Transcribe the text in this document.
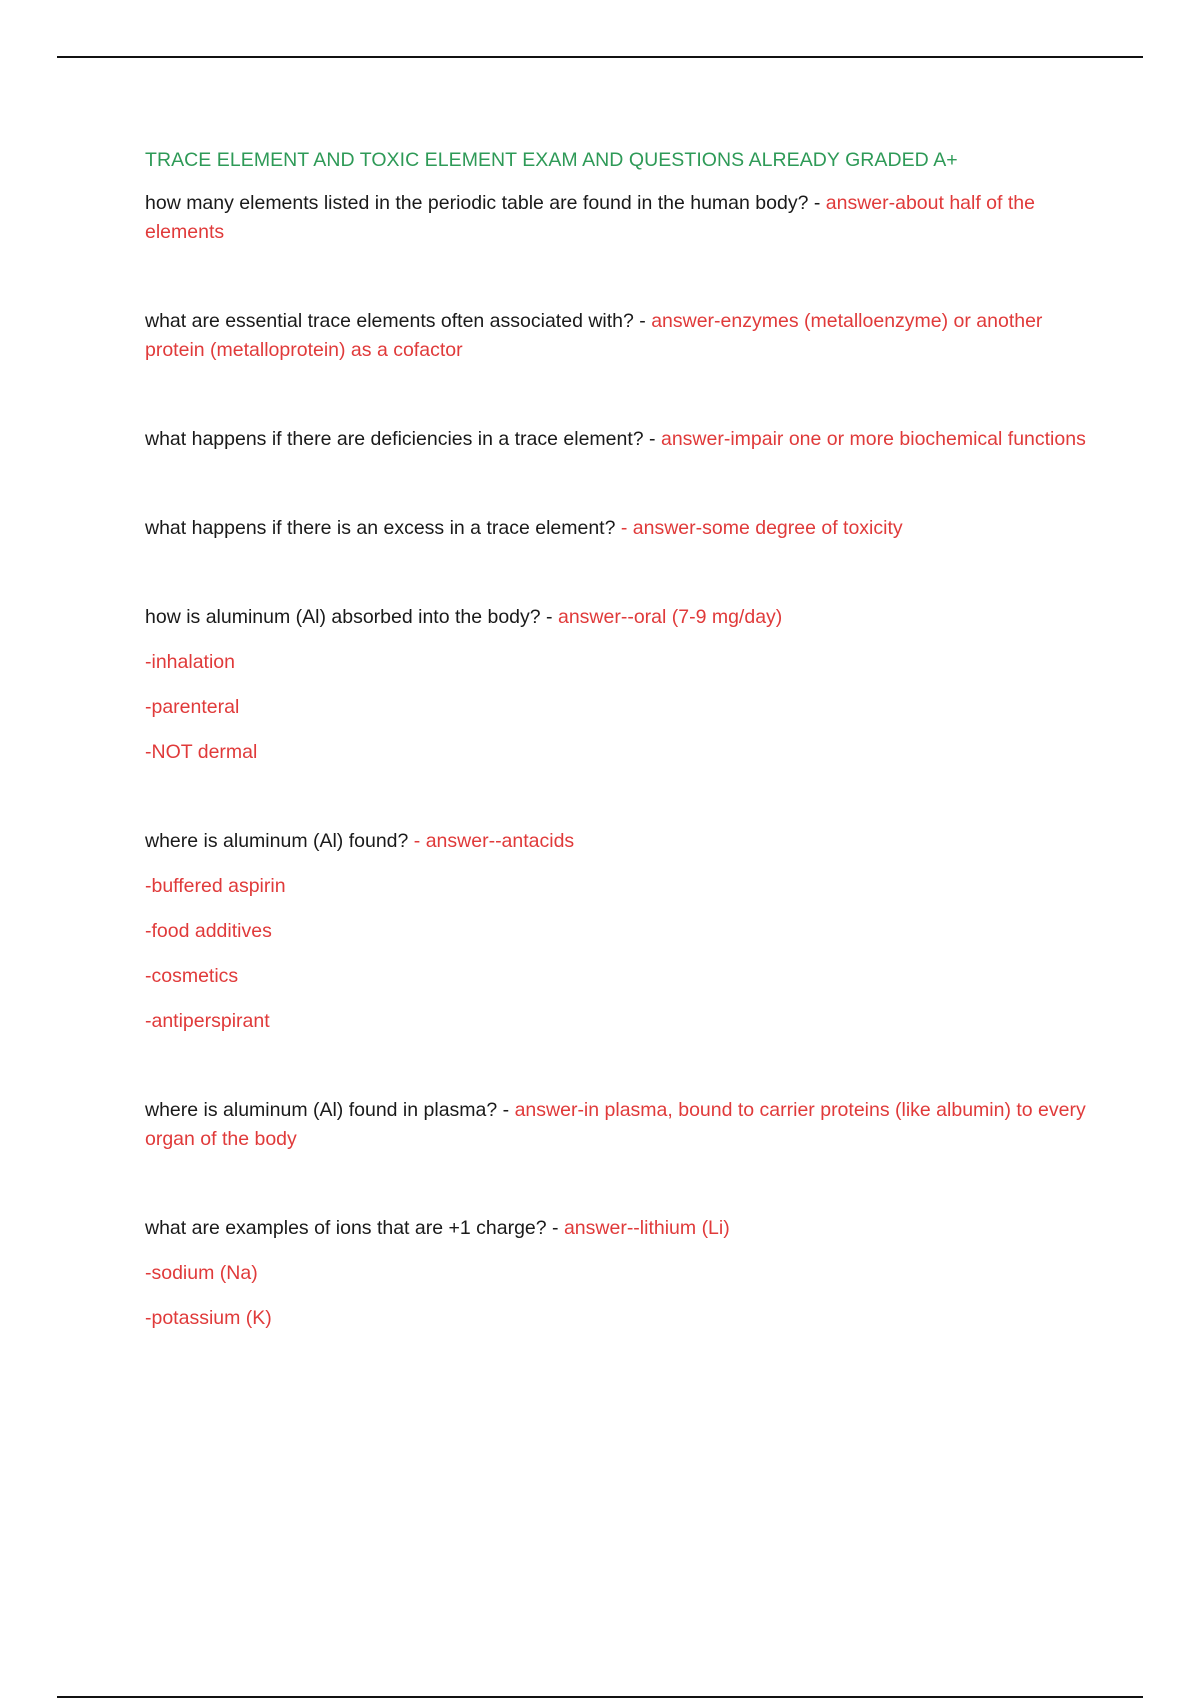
TRACE ELEMENT AND TOXIC ELEMENT EXAM AND QUESTIONS ALREADY GRADED A+

how many elements listed in the periodic table are found in the human body? - answer-about half of the elements

what are essential trace elements often associated with? - answer-enzymes (metalloenzyme) or another protein (metalloprotein) as a cofactor

what happens if there are deficiencies in a trace element? - answer-impair one or more biochemical functions

what happens if there is an excess in a trace element? - answer-some degree of toxicity

how is aluminum (Al) absorbed into the body? - answer--oral (7-9 mg/day)

-inhalation

-parenteral

-NOT dermal

where is aluminum (Al) found? - answer--antacids

-buffered aspirin

-food additives

-cosmetics

-antiperspirant

where is aluminum (Al) found in plasma? - answer-in plasma, bound to carrier proteins (like albumin) to every organ of the body

what are examples of ions that are +1 charge? - answer--lithium (Li)

-sodium (Na)

-potassium (K)
